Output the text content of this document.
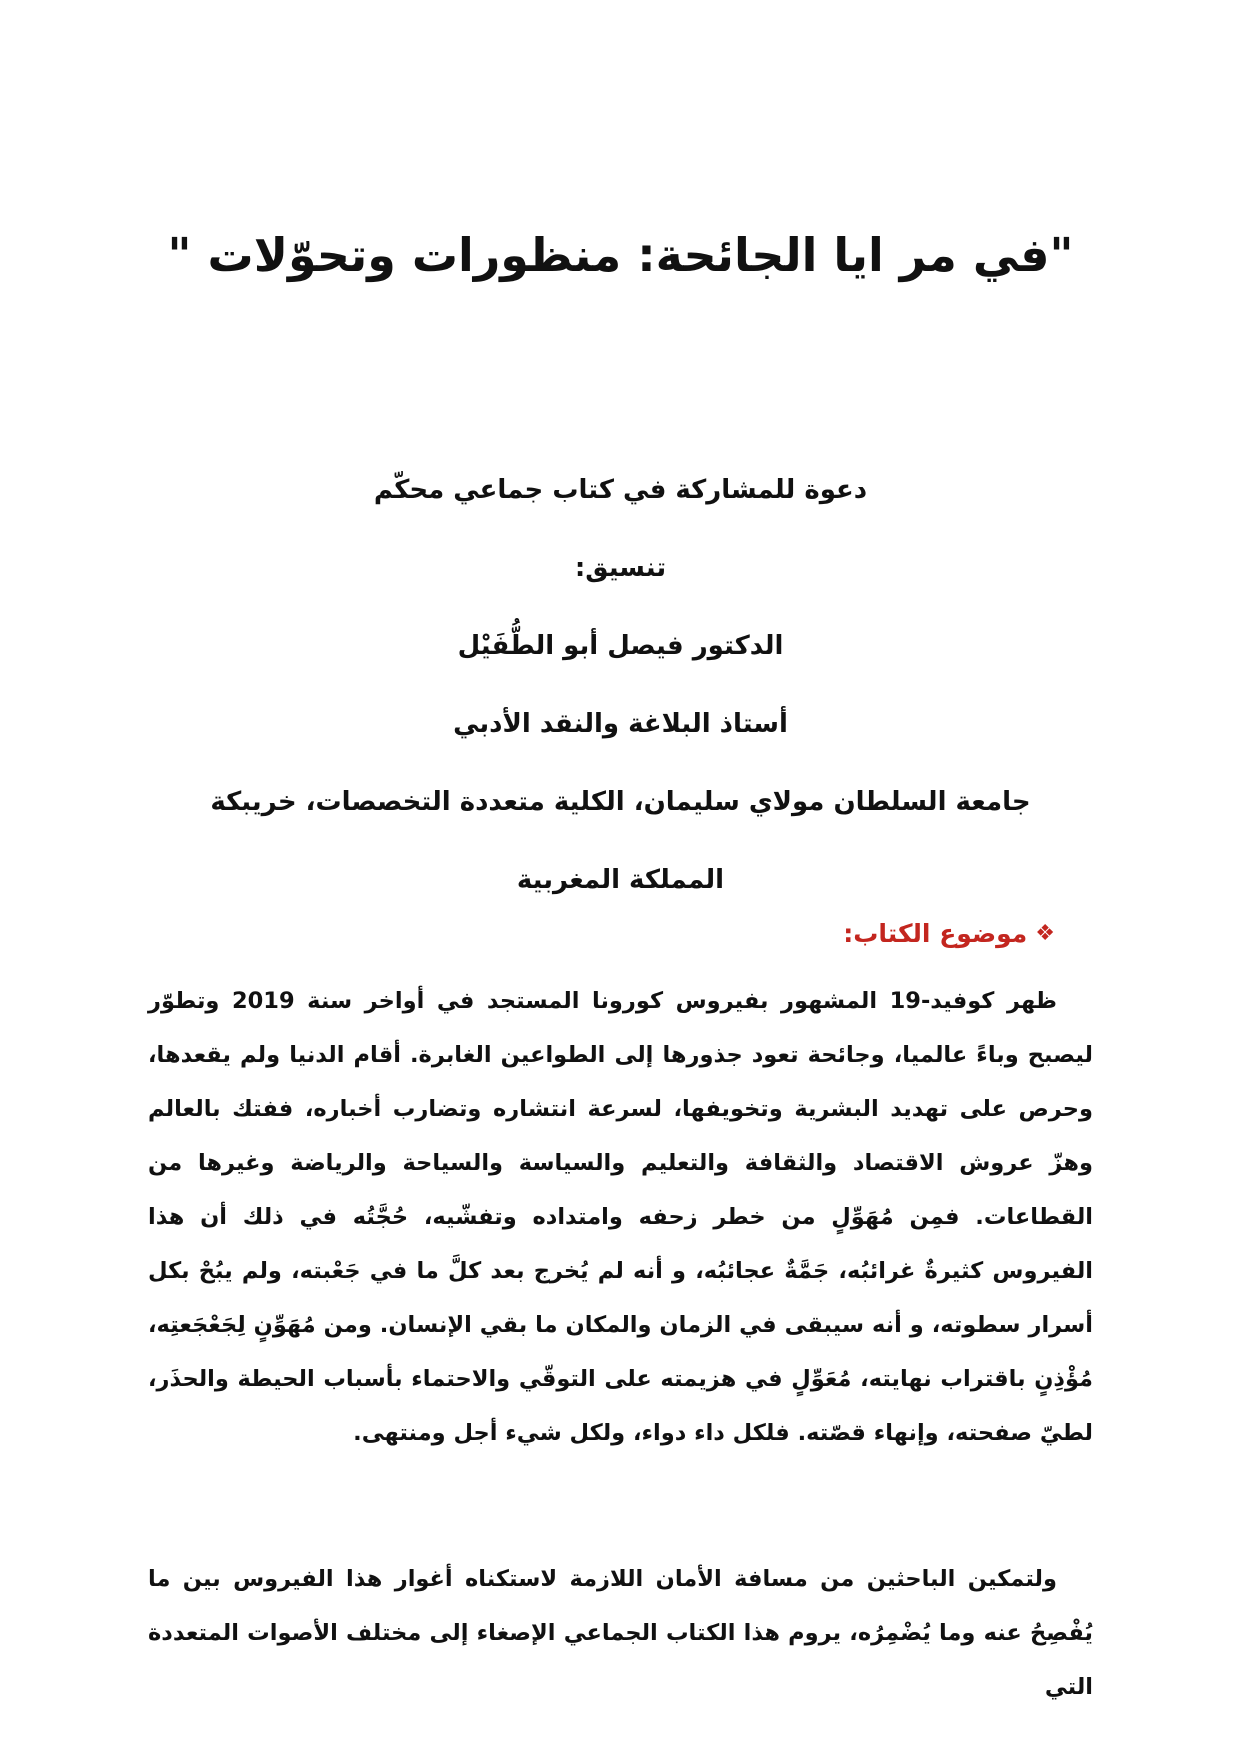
"في مر ايا الجائحة: منظورات وتحوّلات "

دعوة للمشاركة في كتاب جماعي محكّم

تنسيق:

الدكتور فيصل أبو الطُّفَيْل

أستاذ البلاغة والنقد الأدبي

جامعة السلطان مولاي سليمان، الكلية متعددة التخصصات، خريبكة

المملكة المغربية

❖
موضوع الكتاب:

ظهر كوفيد-19 المشهور بفيروس كورونا المستجد في أواخر سنة 2019 وتطوّر ليصبح وباءً عالميا، وجائحة تعود جذورها إلى الطواعين الغابرة. أقام الدنيا ولم يقعدها، وحرص على تهديد البشرية وتخويفها، لسرعة انتشاره وتضارب أخباره، ففتك بالعالم وهزّ عروش الاقتصاد والثقافة والتعليم والسياسة والسياحة والرياضة وغيرها من القطاعات. فمِن مُهَوِّلٍ من خطر زحفه وامتداده وتفشّيه، حُجَّتُه في ذلك أن هذا الفيروس كثيرةٌ غرائبُه، جَمَّةٌ عجائبُه، و أنه لم يُخرج بعد كلَّ ما في جَعْبته، ولم يبُحْ بكل أسرار سطوته، و أنه سيبقى في الزمان والمكان ما بقي الإنسان. ومن مُهَوِّنٍ لِجَعْجَعتِه، مُؤْذِنٍ باقتراب نهايته، مُعَوِّلٍ في هزيمته على التوقّي والاحتماء بأسباب الحيطة والحذَر، لطيّ صفحته، وإنهاء قصّته. فلكل داء دواء، ولكل شيء أجل ومنتهى.

ولتمكين الباحثين من مسافة الأمان اللازمة لاستكناه أغوار هذا الفيروس بين ما يُفْصِحُ عنه وما يُضْمِرُه، يروم هذا الكتاب الجماعي الإصغاء إلى مختلف الأصوات المتعددة التي
